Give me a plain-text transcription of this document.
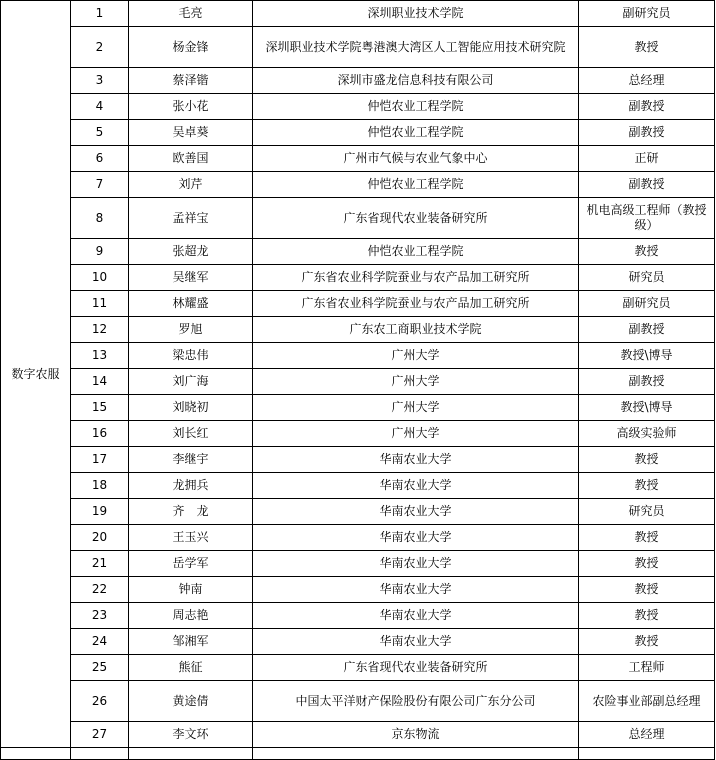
数字农服	1	毛亮	深圳职业技术学院	副研究员
	2	杨金锋	深圳职业技术学院粤港澳大湾区人工智能应用技术研究院	教授
	3	蔡泽锴	深圳市盛龙信息科技有限公司	总经理
	4	张小花	仲恺农业工程学院	副教授
	5	吴卓葵	仲恺农业工程学院	副教授
	6	欧善国	广州市气候与农业气象中心	正研
	7	刘芹	仲恺农业工程学院	副教授
	8	孟祥宝	广东省现代农业装备研究所	机电高级工程师（教授级）
	9	张超龙	仲恺农业工程学院	教授
	10	吴继军	广东省农业科学院蚕业与农产品加工研究所	研究员
	11	林耀盛	广东省农业科学院蚕业与农产品加工研究所	副研究员
	12	罗旭	广东农工商职业技术学院	副教授
	13	梁忠伟	广州大学	教授\博导
	14	刘广海	广州大学	副教授
	15	刘晓初	广州大学	教授\博导
	16	刘长红	广州大学	高级实验师
	17	李继宇	华南农业大学	教授
	18	龙拥兵	华南农业大学	教授
	19	齐　龙	华南农业大学	研究员
	20	王玉兴	华南农业大学	教授
	21	岳学军	华南农业大学	教授
	22	钟南	华南农业大学	教授
	23	周志艳	华南农业大学	教授
	24	邹湘军	华南农业大学	教授
	25	熊征	广东省现代农业装备研究所	工程师
	26	黄途倩	中国太平洋财产保险股份有限公司广东分公司	农险事业部副总经理
	27	李文环	京东物流	总经理
